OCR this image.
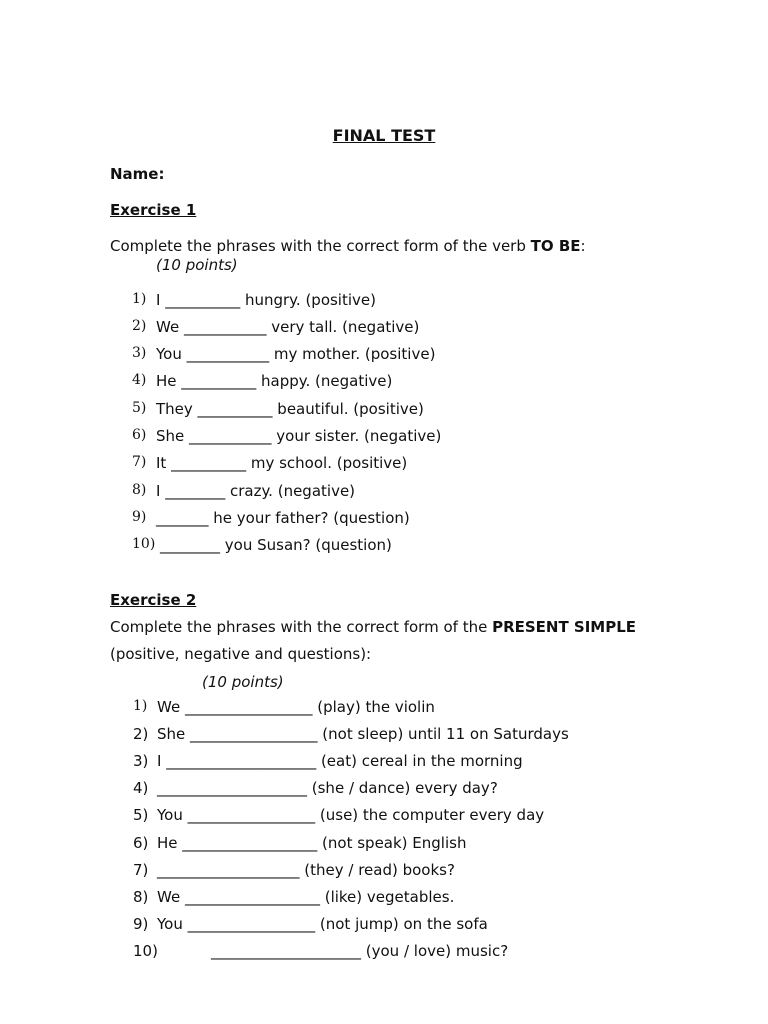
FINAL TEST
Name:
Exercise 1
Complete the phrases with the correct form of the verb TO BE:
(10 points)
1) I __________ hungry. (positive)
2) We ___________ very tall. (negative)
3) You ___________ my mother. (positive)
4) He __________ happy. (negative)
5) They __________ beautiful. (positive)
6) She ___________ your sister. (negative)
7) It __________ my school. (positive)
8) I ________ crazy. (negative)
9) _______ he your father? (question)
10) ________ you Susan? (question)
Exercise 2
Complete the phrases with the correct form of the PRESENT SIMPLE
(positive, negative and questions):
(10 points)
1) We _________________ (play) the violin
2) She _________________ (not sleep) until 11 on Saturdays
3) I ____________________ (eat) cereal in the morning
4) ____________________ (she / dance) every day?
5) You _________________ (use) the computer every day
6) He __________________ (not speak) English
7) ___________________ (they / read) books?
8) We __________________ (like) vegetables.
9) You _________________ (not jump) on the sofa
10)	____________________ (you / love) music?
